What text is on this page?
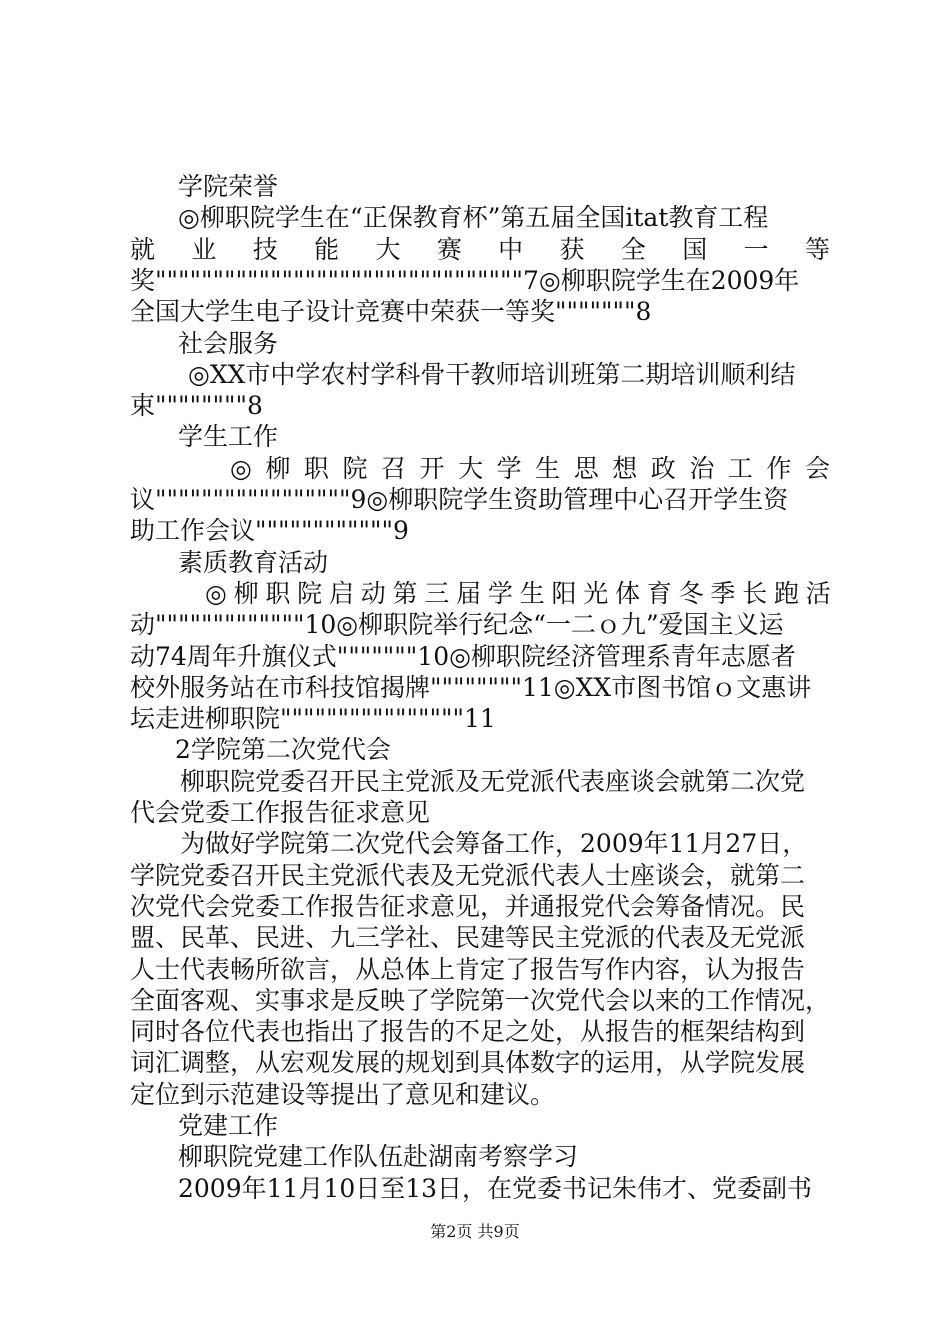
学院荣誉
◎柳职院学生在“正保教育杯”第五届全国itat教育工程
就 业 技 能 大 赛 中 获 全 国 一 等
奖""""""""""""""""""""""""""""""""7◎柳职院学生在2009年
全国大学生电子设计竞赛中荣获一等奖"""""""8
社会服务
◎XX市中学农村学科骨干教师培训班第二期培训顺利结
束""""""""8
学生工作
◎ 柳 职 院 召 开 大 学 生 思 想 政 治 工 作 会
议"""""""""""""""""9◎柳职院学生资助管理中心召开学生资
助工作会议""""""""""""9
素质教育活动
◎ 柳 职 院 启 动 第 三 届 学 生 阳 光 体 育 冬 季 长 跑 活
动"""""""""""""10◎柳职院举行纪念“一二ｏ九”爱国主义运
动74周年升旗仪式"""""""10◎柳职院经济管理系青年志愿者
校外服务站在市科技馆揭牌""""""""11◎XX市图书馆ｏ文惠讲
坛走进柳职院""""""""""""""""11
2学院第二次党代会
柳职院党委召开民主党派及无党派代表座谈会就第二次党
代会党委工作报告征求意见
为做好学院第二次党代会筹备工作，2009年11月27日，
学院党委召开民主党派代表及无党派代表人士座谈会，就第二
次党代会党委工作报告征求意见，并通报党代会筹备情况。民
盟、民革、民进、九三学社、民建等民主党派的代表及无党派
人士代表畅所欲言，从总体上肯定了报告写作内容，认为报告
全面客观、实事求是反映了学院第一次党代会以来的工作情况，
同时各位代表也指出了报告的不足之处，从报告的框架结构到
词汇调整，从宏观发展的规划到具体数字的运用，从学院发展
定位到示范建设等提出了意见和建议。
党建工作
柳职院党建工作队伍赴湖南考察学习
2009年11月10日至13日，在党委书记朱伟才、党委副书
第2页 共9页
